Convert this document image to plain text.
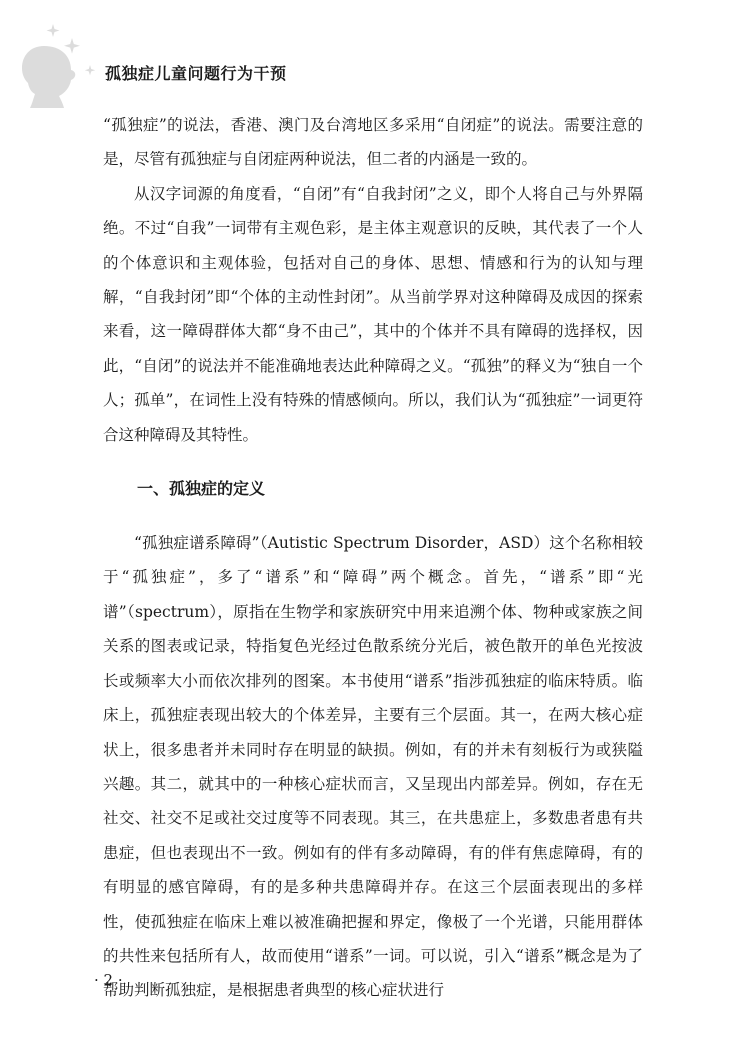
孤独症儿童问题行为干预

“孤独症”的说法，香港、澳门及台湾地区多采用“自闭症”的说法。需要注意的是，尽管有孤独症与自闭症两种说法，但二者的内涵是一致的。

从汉字词源的角度看，“自闭”有“自我封闭”之义，即个人将自己与外界隔绝。不过“自我”一词带有主观色彩，是主体主观意识的反映，其代表了一个人的个体意识和主观体验，包括对自己的身体、思想、情感和行为的认知与理解，“自我封闭”即“个体的主动性封闭”。从当前学界对这种障碍及成因的探索来看，这一障碍群体大都“身不由己”，其中的个体并不具有障碍的选择权，因此，“自闭”的说法并不能准确地表达此种障碍之义。“孤独”的释义为“独自一个人；孤单”，在词性上没有特殊的情感倾向。所以，我们认为“孤独症”一词更符合这种障碍及其特性。

一、孤独症的定义

“孤独症谱系障碍”（Autistic Spectrum Disorder，ASD）这个名称相较于“孤独症”，多了“谱系”和“障碍”两个概念。首先，“谱系”即“光谱”（spectrum），原指在生物学和家族研究中用来追溯个体、物种或家族之间关系的图表或记录，特指复色光经过色散系统分光后，被色散开的单色光按波长或频率大小而依次排列的图案。本书使用“谱系”指涉孤独症的临床特质。临床上，孤独症表现出较大的个体差异，主要有三个层面。其一，在两大核心症状上，很多患者并未同时存在明显的缺损。例如，有的并未有刻板行为或狭隘兴趣。其二，就其中的一种核心症状而言，又呈现出内部差异。例如，存在无社交、社交不足或社交过度等不同表现。其三，在共患症上，多数患者患有共患症，但也表现出不一致。例如有的伴有多动障碍，有的伴有焦虑障碍，有的有明显的感官障碍，有的是多种共患障碍并存。在这三个层面表现出的多样性，使孤独症在临床上难以被准确把握和界定，像极了一个光谱，只能用群体的共性来包括所有人，故而使用“谱系”一词。可以说，引入“谱系”概念是为了帮助判断孤独症，是根据患者典型的核心症状进行

· 2 ·
